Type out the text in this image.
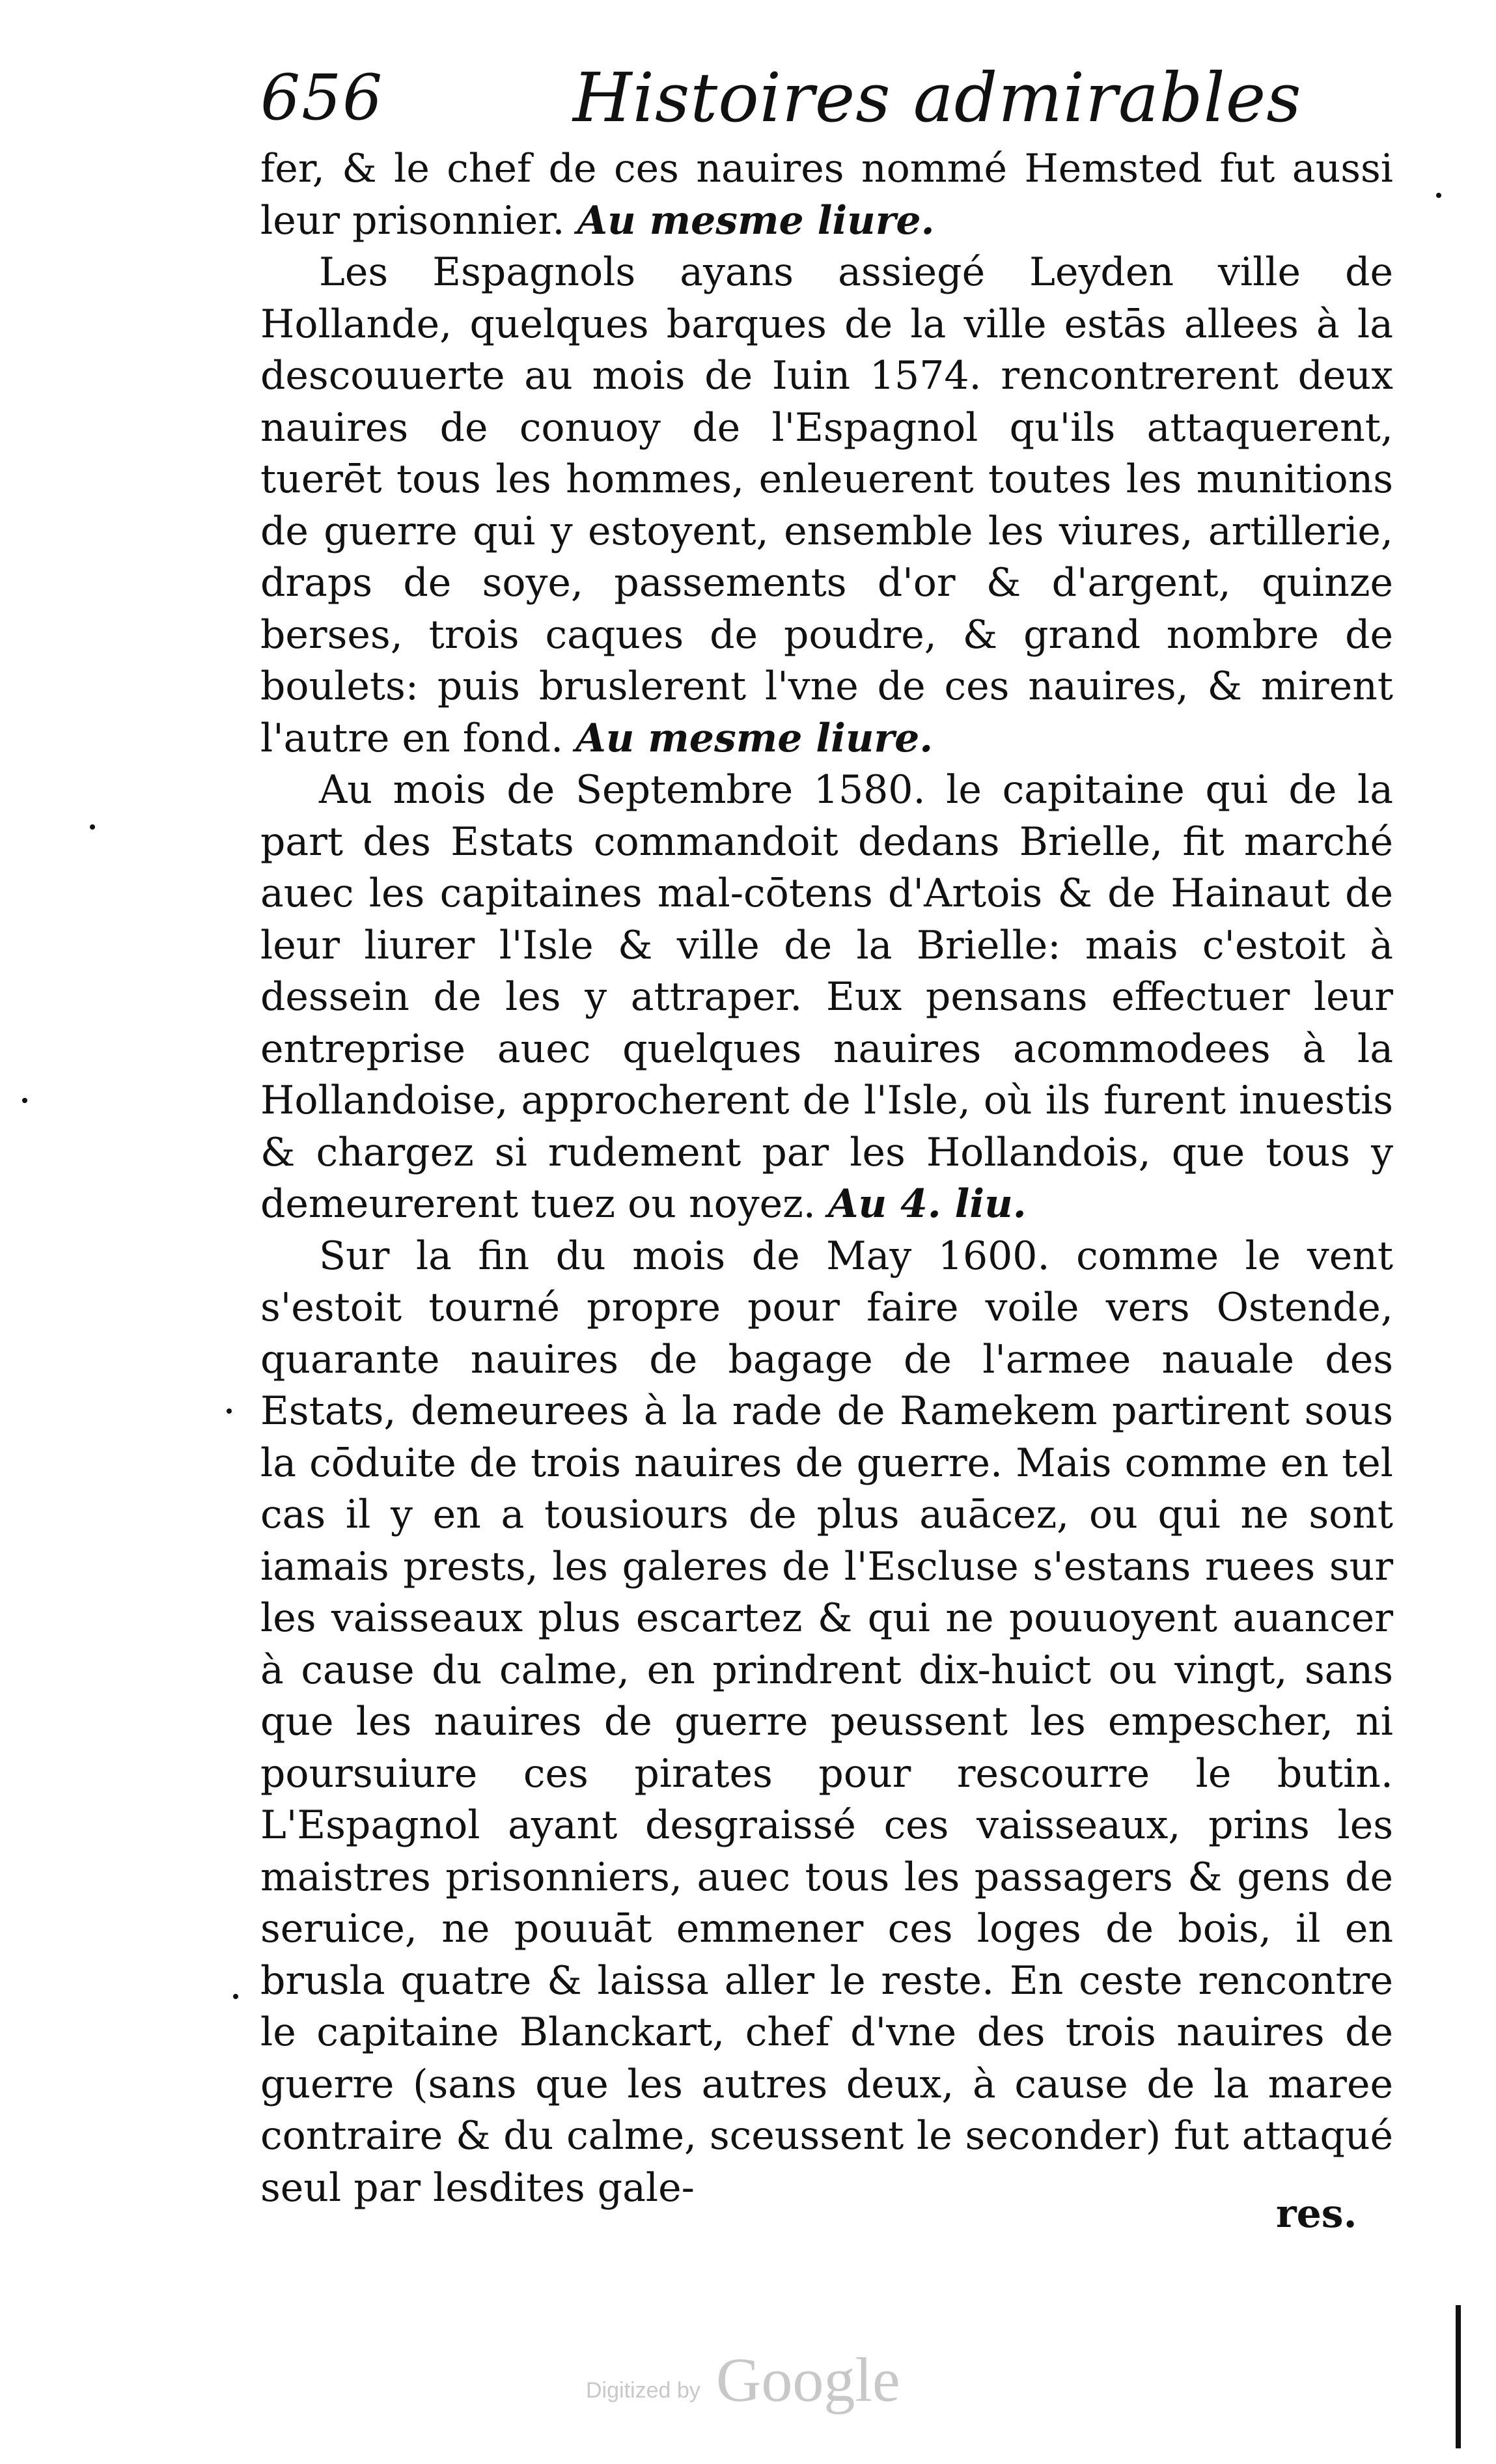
656	Histoires admirables

fer, & le chef de ces nauires nommé Hemsted fut aussi leur prisonnier. Au mesme liure.

Les Espagnols ayans assiegé Leyden ville de Hollande, quelques barques de la ville estās allees à la descouuerte au mois de Iuin 1574. rencontrerent deux nauires de conuoy de l'Espagnol qu'ils attaquerent, tuerēt tous les hommes, enleuerent toutes les munitions de guerre qui y estoyent, ensemble les viures, artillerie, draps de soye, passements d'or & d'argent, quinze berses, trois caques de poudre, & grand nombre de boulets: puis bruslerent l'vne de ces nauires, & mirent l'autre en fond. Au mesme liure.

Au mois de Septembre 1580. le capitaine qui de la part des Estats commandoit dedans Brielle, fit marché auec les capitaines mal-cōtens d'Artois & de Hainaut de leur liurer l'Isle & ville de la Brielle: mais c'estoit à dessein de les y attraper. Eux pensans effectuer leur entreprise auec quelques nauires acommodees à la Hollandoise, approcherent de l'Isle, où ils furent inuestis & chargez si rudement par les Hollandois, que tous y demeurerent tuez ou noyez. Au 4. liu.

Sur la fin du mois de May 1600. comme le vent s'estoit tourné propre pour faire voile vers Ostende, quarante nauires de bagage de l'armee nauale des Estats, demeurees à la rade de Ramekem partirent sous la cōduite de trois nauires de guerre. Mais comme en tel cas il y en a tousiours de plus auācez, ou qui ne sont iamais prests, les galeres de l'Escluse s'estans ruees sur les vaisseaux plus escartez & qui ne pouuoyent auancer à cause du calme, en prindrent dix-huict ou vingt, sans que les nauires de guerre peussent les empescher, ni poursuiure ces pirates pour rescourre le butin. L'Espagnol ayant desgraissé ces vaisseaux, prins les maistres prisonniers, auec tous les passagers & gens de seruice, ne pouuāt emmener ces loges de bois, il en brusla quatre & laissa aller le reste. En ceste rencontre le capitaine Blanckart, chef d'vne des trois nauires de guerre (sans que les autres deux, à cause de la maree contraire & du calme, sceussent le seconder) fut attaqué seul par lesdites gale-

res.
Digitized by Google
